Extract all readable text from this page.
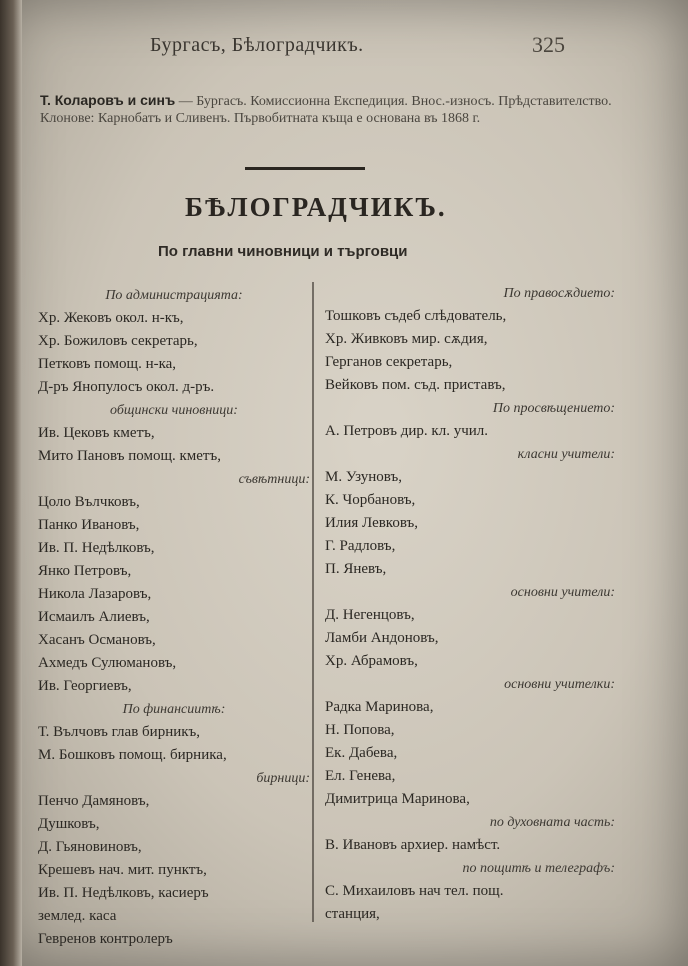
Бургасъ, Бѣлоградчикъ.	325
Т. Коларовъ и синъ — Бургасъ. Комиссионна Експедиция. Внос.-износъ. Прѣдставителство. Клонове: Карнобатъ и Сливенъ. Първобитната къща е основана въ 1868 г.
БѢЛОГРАДЧИКЪ.
По главни чиновници и търговци
По администрацията:
Хр. Жековъ окол. н-къ,
Хр. Божиловъ секретарь,
Петковъ помощ. н-ка,
Д-ръ Янопулосъ окол. д-ръ.
общински чиновници:
Ив. Цековъ кметъ,
Мито Пановъ помощ. кметъ,
съвѣтници:
Цоло Вълчковъ,
Панко Ивановъ,
Ив. П. Недѣлковъ,
Янко Петровъ,
Никола Лазаровъ,
Исмаилъ Алиевъ,
Хасанъ Османовъ,
Ахмедъ Сулюмановъ,
Ив. Георгиевъ,
По финансиитѣ:
Т. Вълчовъ глав бирникъ,
М. Бошковъ помощ. бирника,
бирници:
Пенчо Дамяновъ,
Душковъ,
Д. Гьяновиновъ,
Крешевъ нач. мит. пунктъ,
Ив. П. Недѣлковъ, касиеръ
землед. каса
Гевренов контролеръ
По правосѫдието:
Тошковъ съдеб слѣдователь,
Хр. Живковъ мир. сѫдия,
Герганов секретарь,
Вейковъ пом. съд. приставъ,
По просвѣщението:
А. Петровъ дир. кл. учил.
класни учители:
М. Узуновъ,
К. Чорбановъ,
Илия Левковъ,
Г. Радловъ,
П. Яневъ,
основни учители:
Д. Негенцовъ,
Ламби Андоновъ,
Хр. Абрамовъ,
основни учителки:
Радка Маринова,
Н. Попова,
Ек. Дабева,
Ел. Генева,
Димитрица Маринова,
по духовната часть:
В. Ивановъ архиер. намѣст.
по пощитѣ и телеграфъ:
С. Михаиловъ нач тел. пощ.
станция,
